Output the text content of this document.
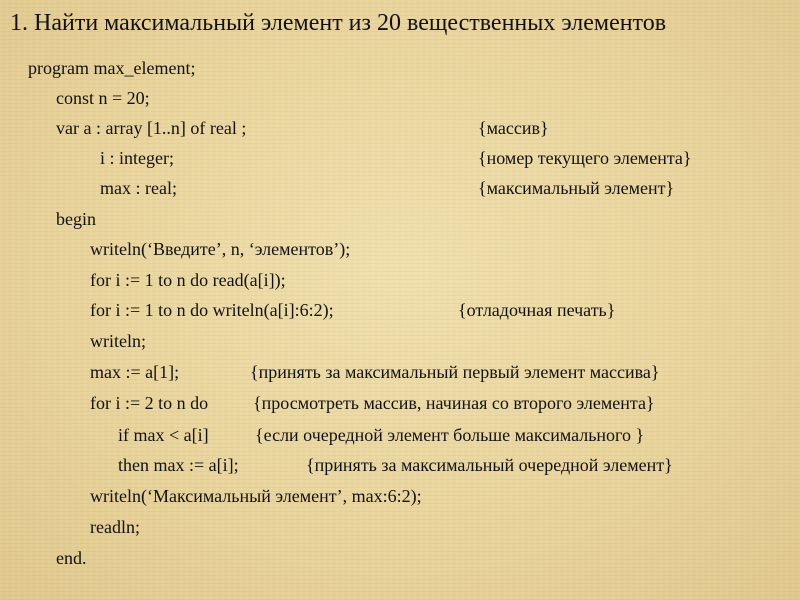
1. Найти максимальный элемент из 20 вещественных элементов
program max_element;
const n = 20;
var a : array [1..n] of real ;	{массив}
i : integer;	{номер текущего элемента}
max : real;	{максимальный элемент}
begin
writeln(‘Введите’, n, ‘элементов’);
for i := 1 to n do read(a[i]);
for i := 1 to n do writeln(a[i]:6:2);	{отладочная печать}
writeln;
max := a[1];	{принять за максимальный первый элемент массива}
for i := 2 to n do {просмотреть массив, начиная со второго элемента}
if max < a[i]	{если очередной элемент больше максимального }
then max := a[i];	{принять за максимальный очередной элемент}
writeln(‘Максимальный элемент’, max:6:2);
readln;
end.
